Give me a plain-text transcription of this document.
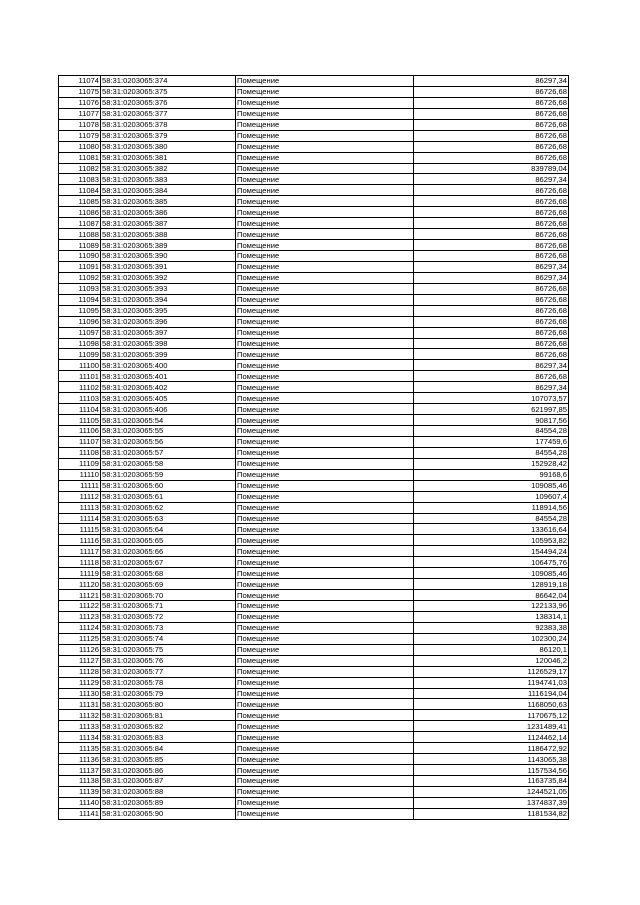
11074	58:31:0203065:374	Помещение	86297,34
11075	58:31:0203065:375	Помещение	86726,68
11076	58:31:0203065:376	Помещение	86726,68
11077	58:31:0203065:377	Помещение	86726,68
11078	58:31:0203065:378	Помещение	86726,68
11079	58:31:0203065:379	Помещение	86726,68
11080	58:31:0203065:380	Помещение	86726,68
11081	58:31:0203065:381	Помещение	86726,68
11082	58:31:0203065:382	Помещение	839789,04
11083	58:31:0203065:383	Помещение	86297,34
11084	58:31:0203065:384	Помещение	86726,68
11085	58:31:0203065:385	Помещение	86726,68
11086	58:31:0203065:386	Помещение	86726,68
11087	58:31:0203065:387	Помещение	86726,68
11088	58:31:0203065:388	Помещение	86726,68
11089	58:31:0203065:389	Помещение	86726,68
11090	58:31:0203065:390	Помещение	86726,68
11091	58:31:0203065:391	Помещение	86297,34
11092	58:31:0203065:392	Помещение	86297,34
11093	58:31:0203065:393	Помещение	86726,68
11094	58:31:0203065:394	Помещение	86726,68
11095	58:31:0203065:395	Помещение	86726,68
11096	58:31:0203065:396	Помещение	86726,68
11097	58:31:0203065:397	Помещение	86726,68
11098	58:31:0203065:398	Помещение	86726,68
11099	58:31:0203065:399	Помещение	86726,68
11100	58:31:0203065:400	Помещение	86297,34
11101	58:31:0203065:401	Помещение	86726,68
11102	58:31:0203065:402	Помещение	86297,34
11103	58:31:0203065:405	Помещение	107073,57
11104	58:31:0203065:406	Помещение	621997,85
11105	58:31:0203065:54	Помещение	90817,56
11106	58:31:0203065:55	Помещение	84554,28
11107	58:31:0203065:56	Помещение	177459,6
11108	58:31:0203065:57	Помещение	84554,28
11109	58:31:0203065:58	Помещение	152928,42
11110	58:31:0203065:59	Помещение	99168,6
11111	58:31:0203065:60	Помещение	109085,46
11112	58:31:0203065:61	Помещение	109607,4
11113	58:31:0203065:62	Помещение	118914,56
11114	58:31:0203065:63	Помещение	84554,28
11115	58:31:0203065:64	Помещение	133616,64
11116	58:31:0203065:65	Помещение	105953,82
11117	58:31:0203065:66	Помещение	154494,24
11118	58:31:0203065:67	Помещение	106475,76
11119	58:31:0203065:68	Помещение	109085,46
11120	58:31:0203065:69	Помещение	128919,18
11121	58:31:0203065:70	Помещение	86642,04
11122	58:31:0203065:71	Помещение	122133,96
11123	58:31:0203065:72	Помещение	138314,1
11124	58:31:0203065:73	Помещение	92383,38
11125	58:31:0203065:74	Помещение	102300,24
11126	58:31:0203065:75	Помещение	86120,1
11127	58:31:0203065:76	Помещение	120046,2
11128	58:31:0203065:77	Помещение	1126529,17
11129	58:31:0203065:78	Помещение	1194741,03
11130	58:31:0203065:79	Помещение	1116194,04
11131	58:31:0203065:80	Помещение	1168050,63
11132	58:31:0203065:81	Помещение	1170675,12
11133	58:31:0203065:82	Помещение	1231489,41
11134	58:31:0203065:83	Помещение	1124462,14
11135	58:31:0203065:84	Помещение	1186472,92
11136	58:31:0203065:85	Помещение	1143065,38
11137	58:31:0203065:86	Помещение	1157534,56
11138	58:31:0203065:87	Помещение	1163735,84
11139	58:31:0203065:88	Помещение	1244521,05
11140	58:31:0203065:89	Помещение	1374837,39
11141	58:31:0203065:90	Помещение	1181534,82
